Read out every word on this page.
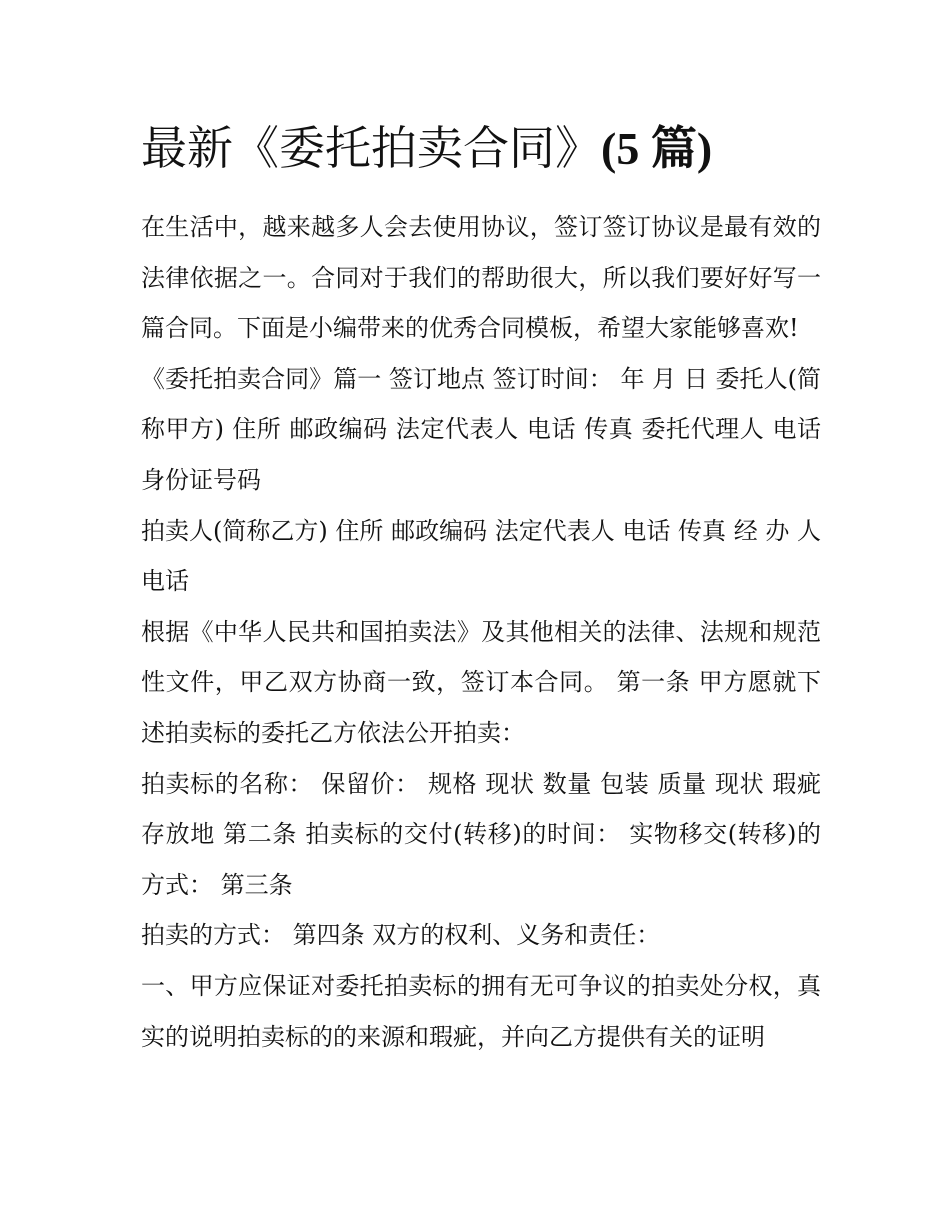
最新《委托拍卖合同》(5 篇)

在生活中，越来越多人会去使用协议，签订签订协议是最有效的法律依据之一。合同对于我们的帮助很大，所以我们要好好写一篇合同。下面是小编带来的优秀合同模板，希望大家能够喜欢!

《委托拍卖合同》篇一 签订地点 签订时间： 年 月 日 委托人(简称甲方) 住所 邮政编码 法定代表人 电话 传真 委托代理人 电话 身份证号码

拍卖人(简称乙方) 住所 邮政编码 法定代表人 电话 传真 经 办 人 电话

根据《中华人民共和国拍卖法》及其他相关的法律、法规和规范性文件，甲乙双方协商一致，签订本合同。 第一条 甲方愿就下述拍卖标的委托乙方依法公开拍卖：

拍卖标的名称： 保留价： 规格 现状 数量 包装 质量 现状 瑕疵 存放地 第二条 拍卖标的交付(转移)的时间： 实物移交(转移)的方式： 第三条

拍卖的方式： 第四条 双方的权利、义务和责任：

一、甲方应保证对委托拍卖标的拥有无可争议的拍卖处分权，真实的说明拍卖标的的来源和瑕疵，并向乙方提供有关的证明
